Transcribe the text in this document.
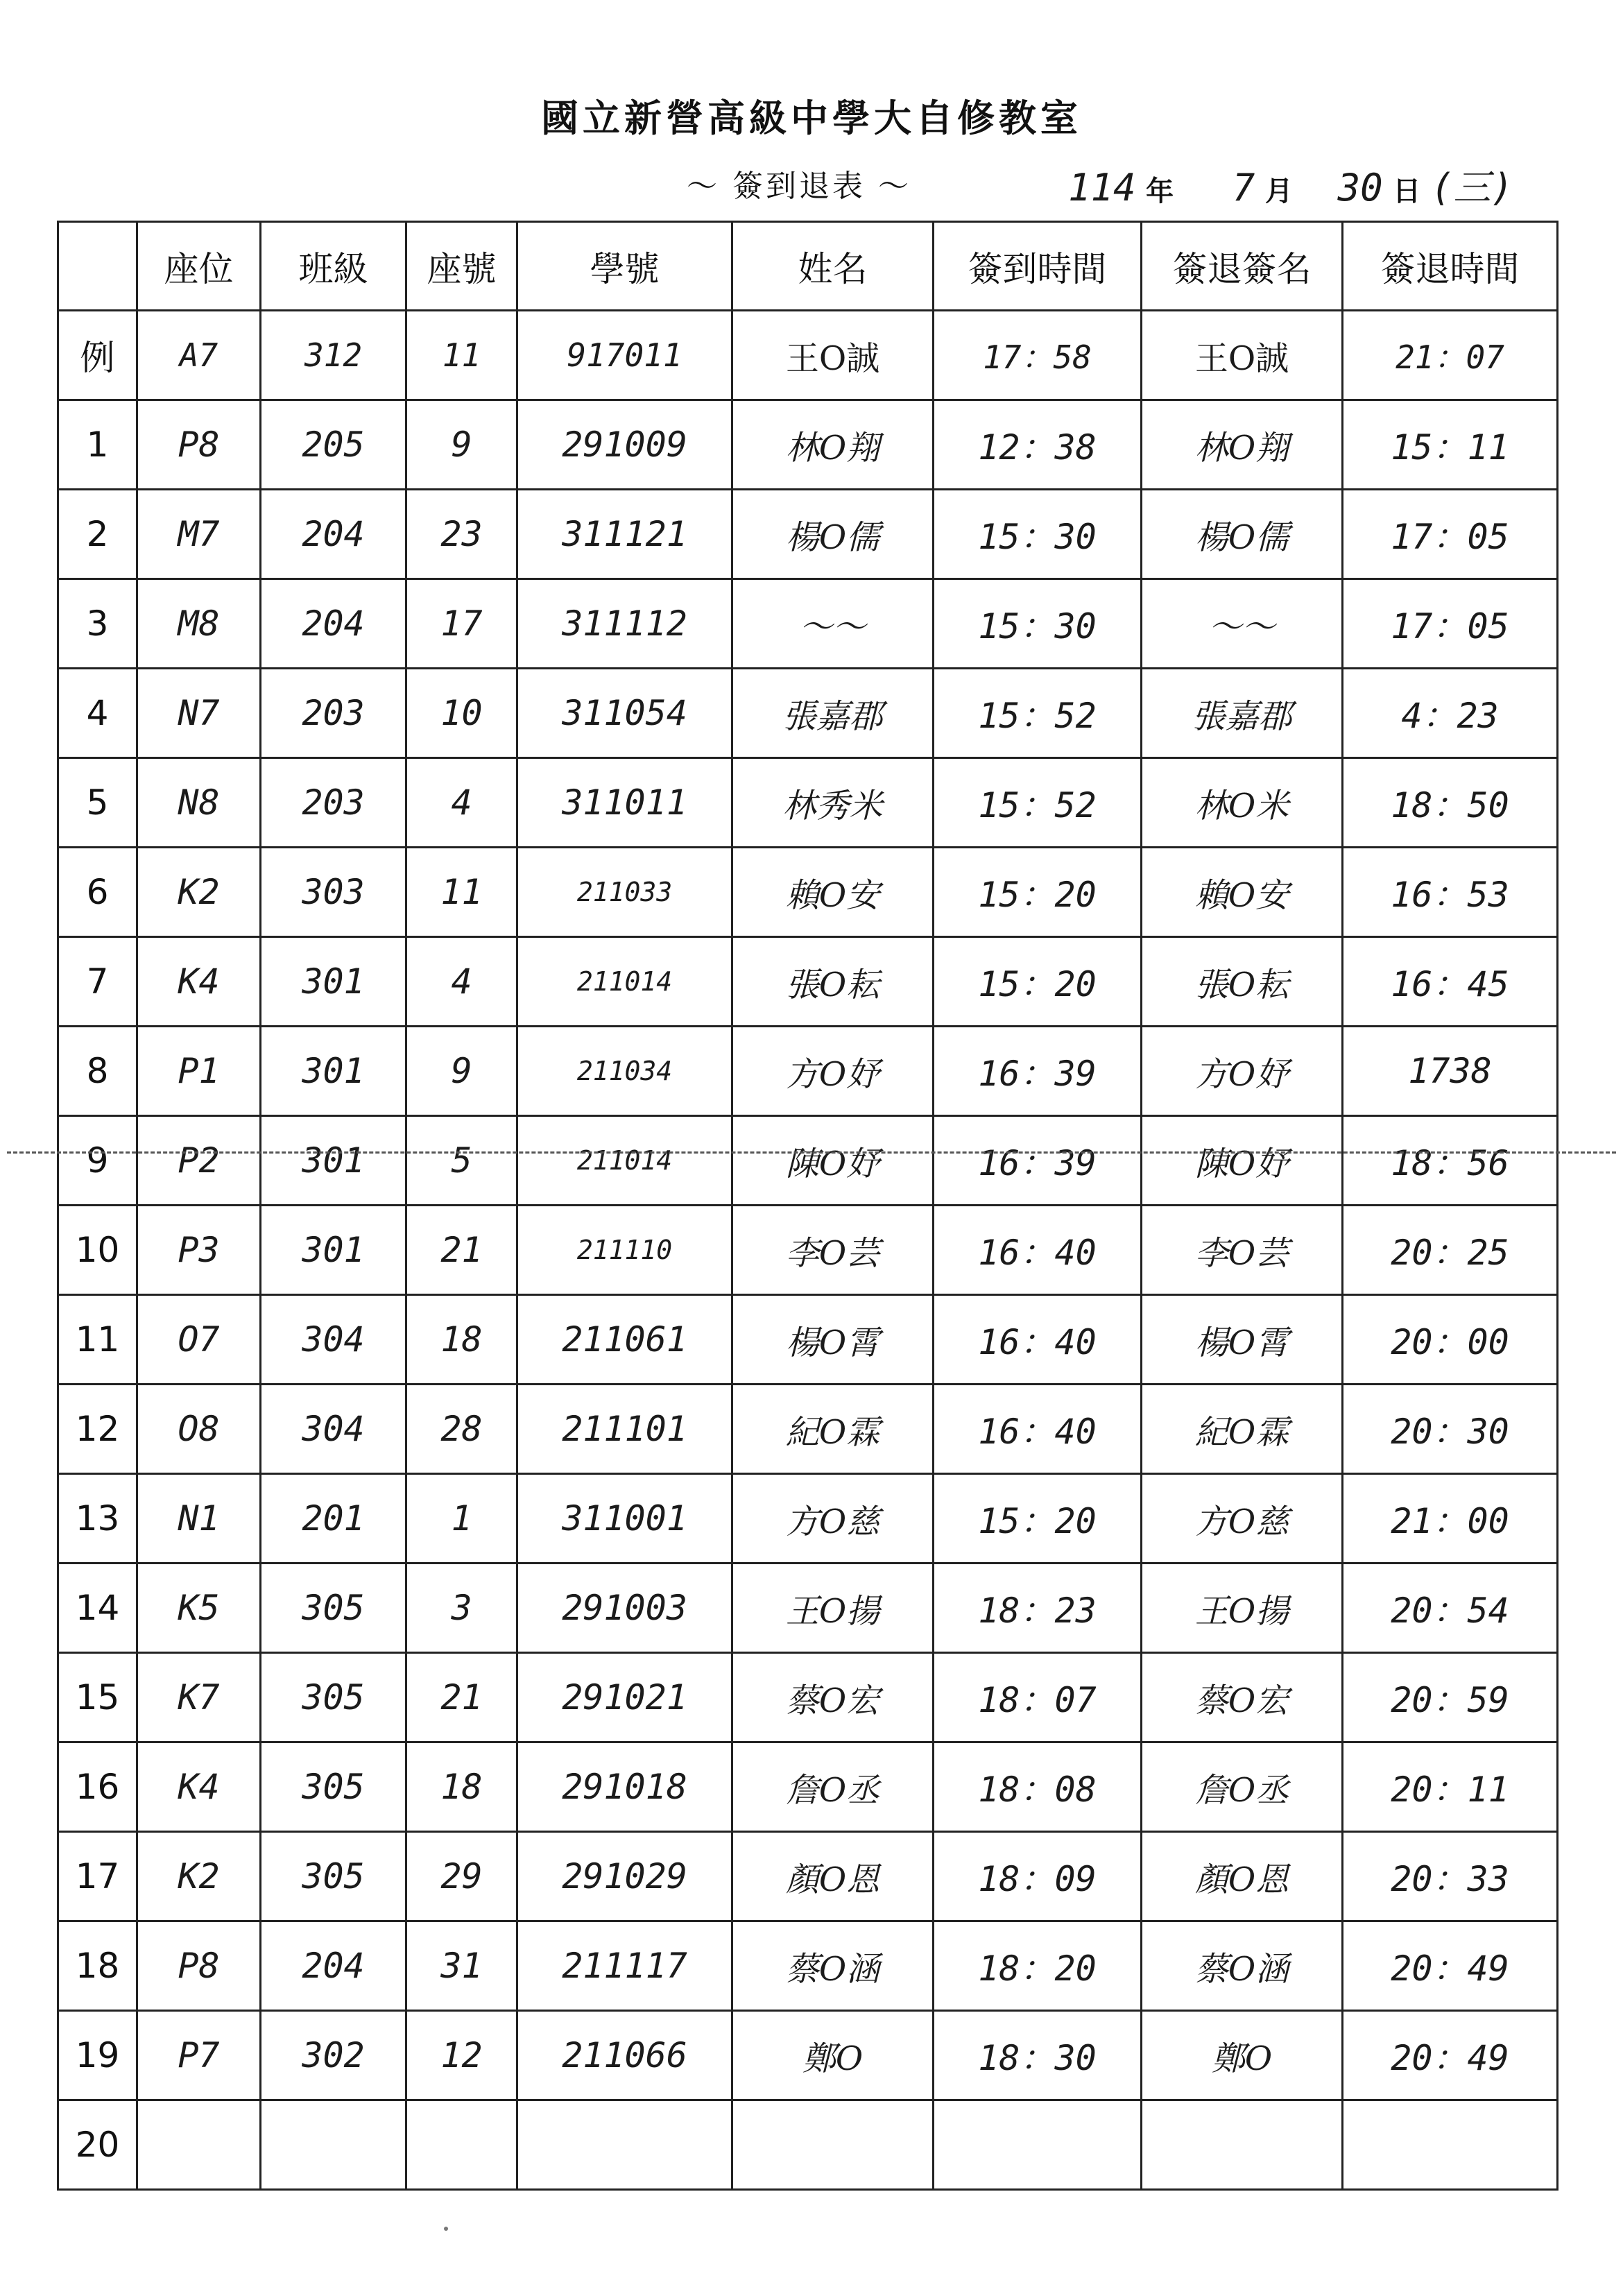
國立新營高級中學大自修教室
～ 簽到退表 ～	114 年 7 月 30 日 (三)
	座位	班級	座號	學號	姓名	簽到時間	簽退簽名	簽退時間
例	A7	312	11	917011	王O誠	17：58	王O誠	21：07
1	P8	205	9	291009	林O翔	12：38	林O翔	15：11
2	M7	204	23	311121	楊O儒	15：30	楊O儒	17：05
3	M8	204	17	311112	～～	15：30	～～	17：05
4	N7	203	10	311054	張嘉郡	15：52	張嘉郡	4：23
5	N8	203	4	311011	林秀米	15：52	林O米	18：50
6	K2	303	11	211033	賴O安	15：20	賴O安	16：53
7	K4	301	4	211014	張O耘	15：20	張O耘	16：45
8	P1	301	9	211034	方O妤	16：39	方O妤	1738
9	P2	301	5	211014	陳O妤	16：39	陳O妤	18：56
10	P3	301	21	211110	李O芸	16：40	李O芸	20：25
11	O7	304	18	211061	楊O霄	16：40	楊O霄	20：00
12	O8	304	28	211101	紀O霖	16：40	紀O霖	20：30
13	N1	201	1	311001	方O慈	15：20	方O慈	21：00
14	K5	305	3	291003	王O揚	18：23	王O揚	20：54
15	K7	305	21	291021	蔡O宏	18：07	蔡O宏	20：59
16	K4	305	18	291018	詹O丞	18：08	詹O丞	20：11
17	K2	305	29	291029	顏O恩	18：09	顏O恩	20：33
18	P8	204	31	211117	蔡O涵	18：20	蔡O涵	20：49
19	P7	302	12	211066	鄭O	18：30	鄭O	20：49
20								
